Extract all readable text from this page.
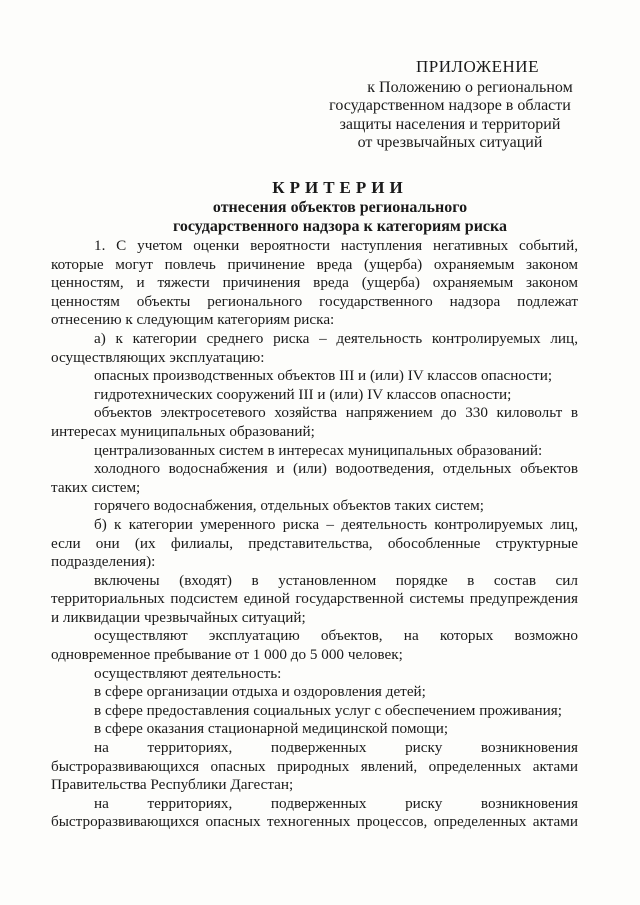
ПРИЛОЖЕНИЕ
к Положению о региональном
государственном надзоре в области
защиты населения и территорий
от чрезвычайных ситуаций
КРИТЕРИИ
отнесения объектов регионального
государственного надзора к категориям риска

1. С учетом оценки вероятности наступления негативных событий, которые могут повлечь причинение вреда (ущерба) охраняемым законом ценностям, и тяжести причинения вреда (ущерба) охраняемым законом ценностям объекты регионального государственного надзора подлежат отнесению к следующим категориям риска:

а) к категории среднего риска – деятельность контролируемых лиц, осуществляющих эксплуатацию:

опасных производственных объектов III и (или) IV классов опасности;

гидротехнических сооружений III и (или) IV классов опасности;

объектов электросетевого хозяйства напряжением до 330 киловольт в интересах муниципальных образований;

централизованных систем в интересах муниципальных образований:

холодного водоснабжения и (или) водоотведения, отдельных объектов таких систем;

горячего водоснабжения, отдельных объектов таких систем;

б) к категории умеренного риска – деятельность контролируемых лиц, если они (их филиалы, представительства, обособленные структурные подразделения):

включены (входят) в установленном порядке в состав сил территориальных подсистем единой государственной системы предупреждения и ликвидации чрезвычайных ситуаций;

осуществляют эксплуатацию объектов, на которых возможно одновременное пребывание от 1 000 до 5 000 человек;

осуществляют деятельность:

в сфере организации отдыха и оздоровления детей;

в сфере предоставления социальных услуг с обеспечением проживания;

в сфере оказания стационарной медицинской помощи;

на территориях, подверженных риску возникновения быстроразвивающихся опасных природных явлений, определенных актами Правительства Республики Дагестан;

на территориях, подверженных риску возникновения быстроразвивающихся опасных техногенных процессов, определенных актами
